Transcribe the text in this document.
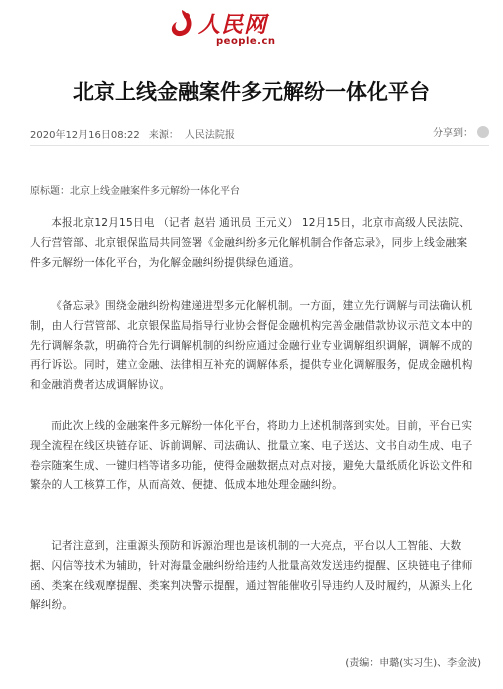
人民网
people.cn
北京上线金融案件多元解纷一体化平台
2020年12月16日08:22 来源： 人民法院报	分享到：
原标题：北京上线金融案件多元解纷一体化平台

本报北京12月15日电 （记者 赵岩 通讯员 王元义） 12月15日，北京市高级人民法院、人行营管部、北京银保监局共同签署《金融纠纷多元化解机制合作备忘录》，同步上线金融案件多元解纷一体化平台，为化解金融纠纷提供绿色通道。

《备忘录》围绕金融纠纷构建递进型多元化解机制。一方面，建立先行调解与司法确认机制，由人行营管部、北京银保监局指导行业协会督促金融机构完善金融借款协议示范文本中的先行调解条款，明确符合先行调解机制的纠纷应通过金融行业专业调解组织调解，调解不成的再行诉讼。同时，建立金融、法律相互补充的调解体系，提供专业化调解服务，促成金融机构和金融消费者达成调解协议。

而此次上线的金融案件多元解纷一体化平台，将助力上述机制落到实处。目前，平台已实现全流程在线区块链存证、诉前调解、司法确认、批量立案、电子送达、文书自动生成、电子卷宗随案生成、一键归档等诸多功能，使得金融数据点对点对接，避免大量纸质化诉讼文件和繁杂的人工核算工作，从而高效、便捷、低成本地处理金融纠纷。

记者注意到，注重源头预防和诉源治理也是该机制的一大亮点，平台以人工智能、大数据、闪信等技术为辅助，针对海量金融纠纷给违约人批量高效发送违约提醒、区块链电子律师函、类案在线观摩提醒、类案判决警示提醒，通过智能催收引导违约人及时履约，从源头上化解纠纷。

(责编：申璐(实习生)、李金波)
